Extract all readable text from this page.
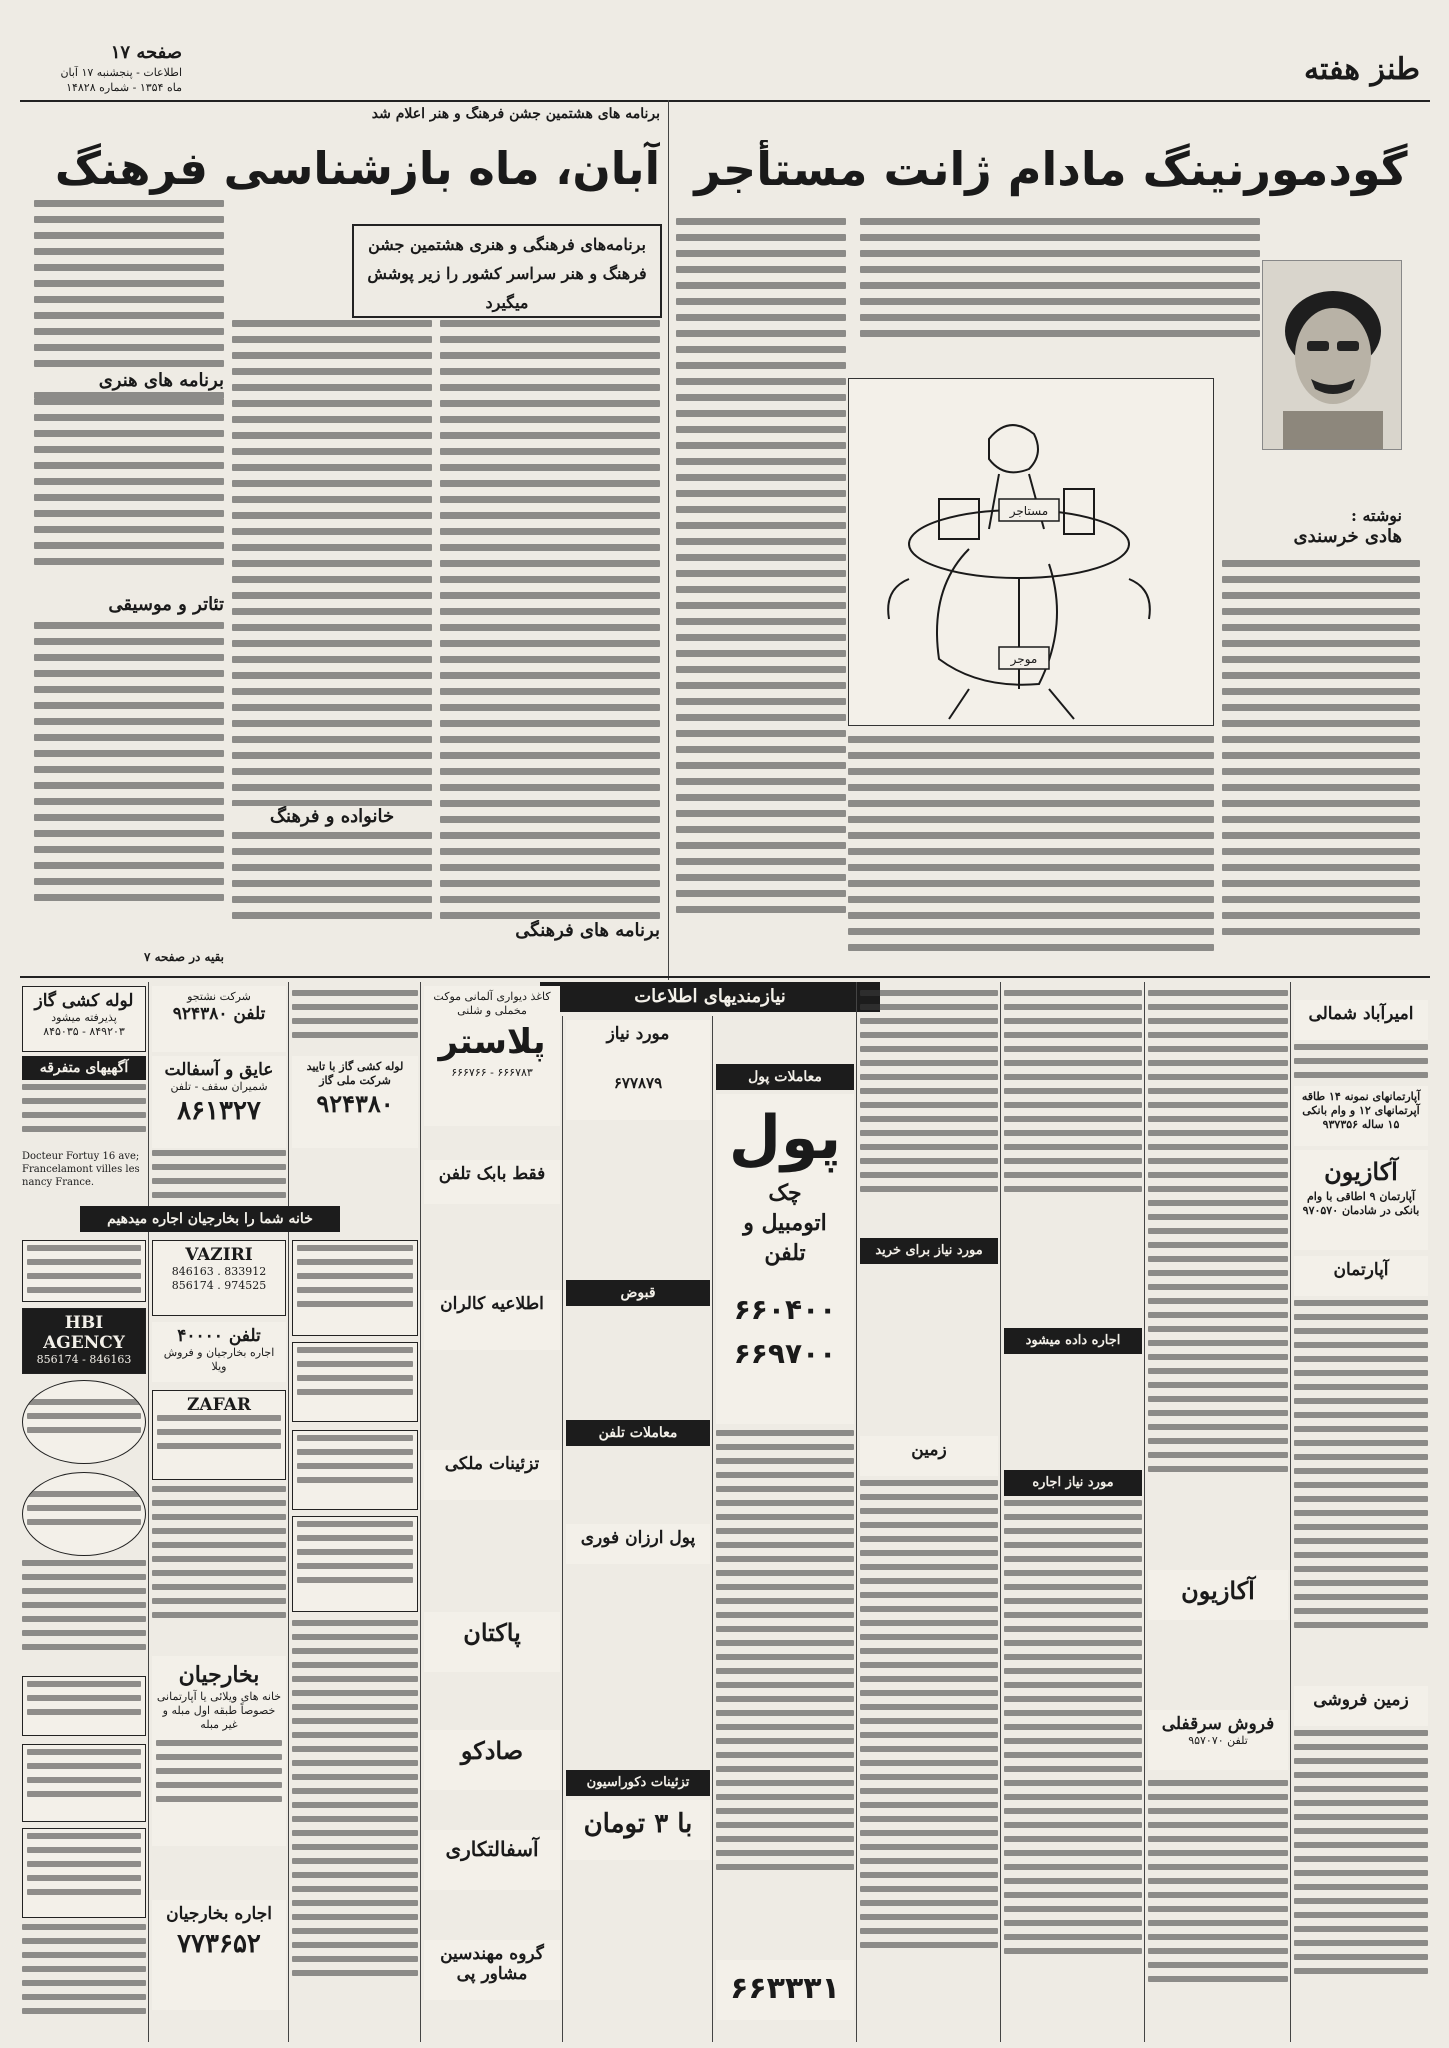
صفحه ۱۷
اطلاعات - پنجشنبه ۱۷ آبان
ماه ۱۳۵۴ - شماره ۱۴۸۲۸
طنز هفته
برنامه های هشتمین جشن فرهنگ و هنر اعلام شد
آبان، ماه بازشناسی فرهنگ
برنامه‌های فرهنگی و هنری هشتمین جشن فرهنگ و هنر سراسر کشور را زیر پوشش میگیرد
برنامه های هنری
تئاتر و موسیقی
بقیه در صفحه ۷
خانواده و فرهنگ
برنامه های فرهنگی
گودمورنینگ مادام ژانت مستأجر
نوشته :
هادی خرسندی
مستاجر
موجر
نیازمندیهای اطلاعات
لوله کشی گاز
پذیرفته میشود
۸۴۹۲۰۳ - ۸۴۵۰۳۵
آگهیهای متفرقه
Docteur Fortuy 16 ave; Francelamont villes les nancy France.
خانه شما را بخارجیان اجاره میدهیم
HBI AGENCY
846163 - 856174
شرکت نشتجو
تلفن ۹۲۴۳۸۰
عایق و آسفالت
شمیران سقف - تلفن
۸۶۱۳۲۷
VAZIRI
833912 . 846163
974525 . 856174
تلفن ۴۰۰۰۰
اجاره بخارجیان و فروش ویلا
ZAFAR
بخارجیان
خانه های ویلائی یا آپارتمانی خصوصاً طبقه اول مبله و غیر مبله
اجاره بخارجیان
۷۷۳۶۵۲
لوله کشی گاز با تایید شرکت ملی گاز
۹۲۴۳۸۰
کاغذ دیواری آلمانی موکت مخملی و شلنی
پلاستر
۶۶۶۷۸۳ - ۶۶۶۷۶۶
فقط بابک تلفن
اطلاعیه کالران
تزئینات ملکی
پاکتان
صادکو
آسفالتکاری
گروه مهندسین مشاور پی
مورد نیاز
۶۷۷۸۷۹
قبوض
معاملات تلفن
پول ارزان فوری
تزئینات دکوراسیون
با ۳ تومان
معاملات پول
پول
چک
اتومبیل و تلفن
۶۶۰۴۰۰
۶۶۹۷۰۰
۶۶۳۳۳۱
مورد نیاز برای خرید
زمین
اجاره داده میشود
مورد نیاز اجاره
آکازیون
فروش سرقفلی
تلفن ۹۵۷۰۷۰
امیرآباد شمالی
آپارتمانهای نمونه ۱۴ طاقه آپرتمانهای ۱۲ و وام بانکی ۱۵ ساله ۹۳۷۳۵۶
آکازیون
آپارتمان ۹ اطاقی با وام بانکی در شادمان ۹۷۰۵۷۰
آپارتمان
زمین فروشی
